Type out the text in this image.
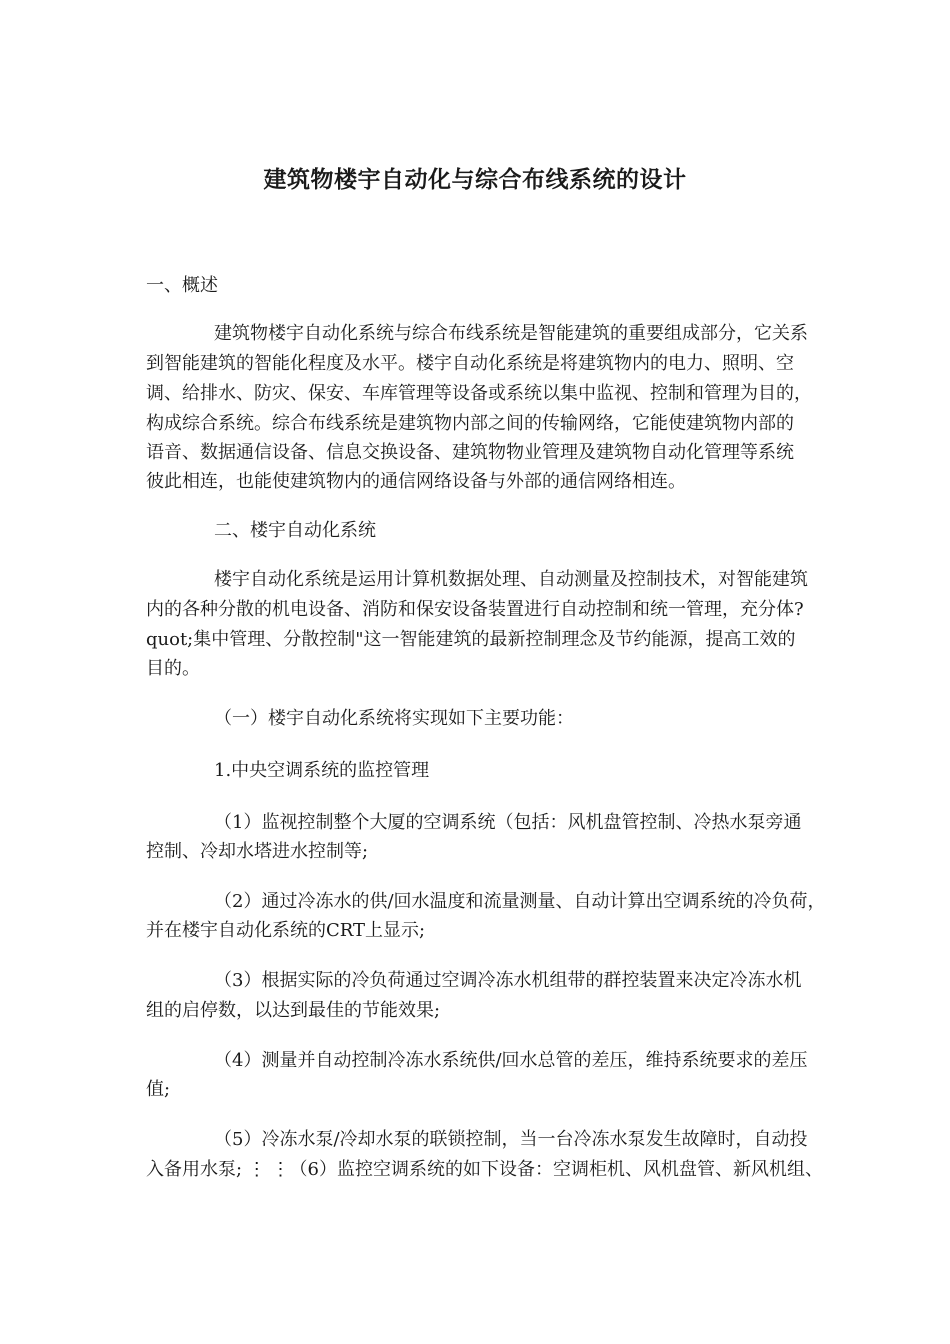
建筑物楼宇自动化与综合布线系统的设计
一、概述
建筑物楼宇自动化系统与综合布线系统是智能建筑的重要组成部分，它关系
到智能建筑的智能化程度及水平。楼宇自动化系统是将建筑物内的电力、照明、空
调、给排水、防灾、保安、车库管理等设备或系统以集中监视、控制和管理为目的，
构成综合系统。综合布线系统是建筑物内部之间的传输网络，它能使建筑物内部的
语音、数据通信设备、信息交换设备、建筑物物业管理及建筑物自动化管理等系统
彼此相连，也能使建筑物内的通信网络设备与外部的通信网络相连。
二、楼宇自动化系统
楼宇自动化系统是运用计算机数据处理、自动测量及控制技术，对智能建筑
内的各种分散的机电设备、消防和保安设备装置进行自动控制和统一管理，充分体?
quot;集中管理、分散控制"这一智能建筑的最新控制理念及节约能源，提高工效的
目的。
（一）楼宇自动化系统将实现如下主要功能：
1.中央空调系统的监控管理
（1）监视控制整个大厦的空调系统（包括：风机盘管控制、冷热水泵旁通
控制、冷却水塔进水控制等;
（2）通过冷冻水的供/回水温度和流量测量、自动计算出空调系统的冷负荷，
并在楼宇自动化系统的CRT上显示;
（3）根据实际的冷负荷通过空调冷冻水机组带的群控装置来决定冷冻水机
组的启停数，以达到最佳的节能效果;
（4）测量并自动控制冷冻水系统供/回水总管的差压，维持系统要求的差压
值;
（5）冷冻水泵/冷却水泵的联锁控制，当一台冷冻水泵发生故障时，自动投
入备用水泵; ⋮ ⋮（6）监控空调系统的如下设备：空调柜机、风机盘管、新风机组、
